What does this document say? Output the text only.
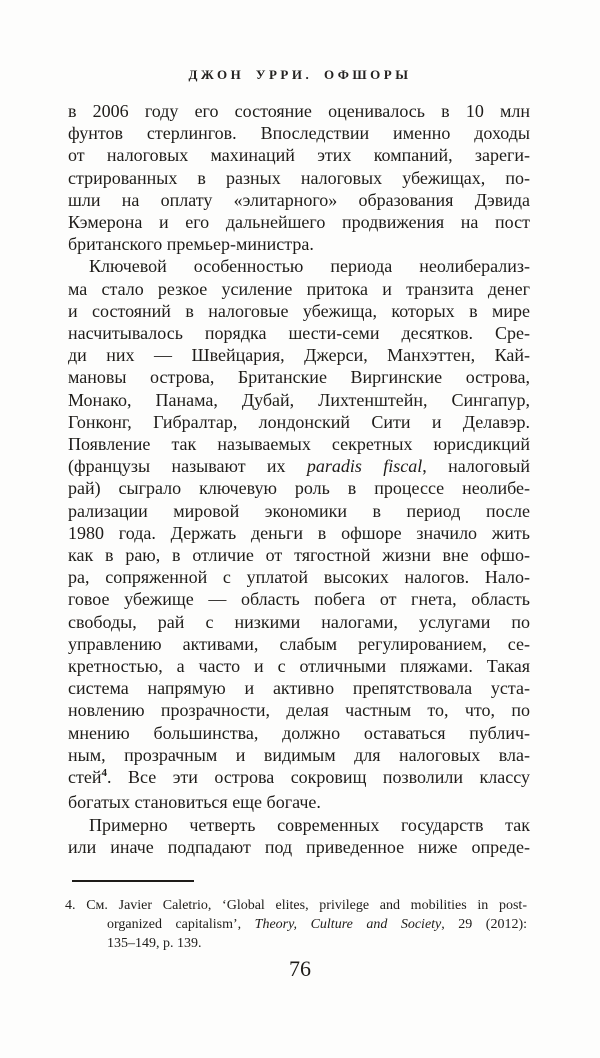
ДЖОН УРРИ. ОФШОРЫ
в 2006 году его состояние оценивалось в 10 млн
фунтов стерлингов. Впоследствии именно доходы
от налоговых махинаций этих компаний, зареги-
стрированных в разных налоговых убежищах, по-
шли на оплату «элитарного» образования Дэвида
Кэмерона и его дальнейшего продвижения на пост
британского премьер-министра.
Ключевой особенностью периода неолиберализ-
ма стало резкое усиление притока и транзита денег
и состояний в налоговые убежища, которых в мире
насчитывалось порядка шести-семи десятков. Сре-
ди них — Швейцария, Джерси, Манхэттен, Кай-
мановы острова, Британские Виргинские острова,
Монако, Панама, Дубай, Лихтенштейн, Сингапур,
Гонконг, Гибралтар, лондонский Сити и Делавэр.
Появление так называемых секретных юрисдикций
(французы называют их paradis fiscal, налоговый
рай) сыграло ключевую роль в процессе неолибе-
рализации мировой экономики в период после
1980 года. Держать деньги в офшоре значило жить
как в раю, в отличие от тягостной жизни вне офшо-
ра, сопряженной с уплатой высоких налогов. Нало-
говое убежище — область побега от гнета, область
свободы, рай с низкими налогами, услугами по
управлению активами, слабым регулированием, се-
кретностью, а часто и с отличными пляжами. Такая
система напрямую и активно препятствовала уста-
новлению прозрачности, делая частным то, что, по
мнению большинства, должно оставаться публич-
ным, прозрачным и видимым для налоговых вла-
стей$^4$. Все эти острова сокровищ позволили классу
богатых становиться еще богаче.
Примерно четверть современных государств так
или иначе подпадают под приведенное ниже опреде-
4. См. Javier Caletrio, ‘Global elites, privilege and mobilities in post-
organized capitalism’, Theory, Culture and Society, 29 (2012):
135–149, p. 139.
76
